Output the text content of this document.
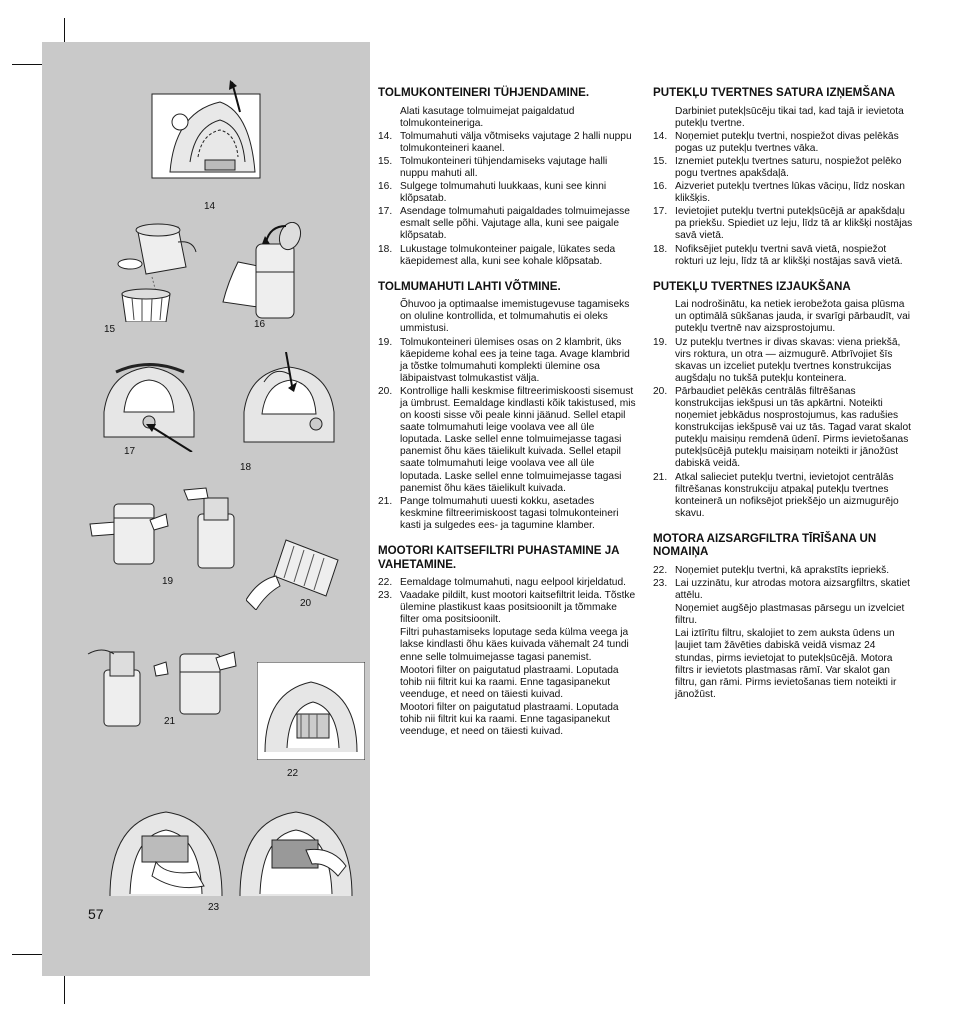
14
15	16
17
18
19
20
21
22
23
57
TOLMUKONTEINERI TÜHJENDAMINE.
Alati kasutage tolmuimejat paigaldatud tolmukonteineriga.
14. Tolmumahuti välja võtmiseks vajutage 2 halli nuppu tolmukonteineri kaanel.
15. Tolmukonteineri tühjendamiseks vajutage halli nuppu mahuti all.
16. Sulgege tolmumahuti luukkaas, kuni see kinni klõpsatab.
17. Asendage tolmumahuti paigaldades tolmuimejasse esmalt selle põhi. Vajutage alla, kuni see paigale klõpsatab.
18. Lukustage tolmukonteiner paigale, lükates seda käepidemest alla, kuni see kohale klõpsatab.
TOLMUMAHUTI LAHTI VÕTMINE.
Õhuvoo ja optimaalse imemistugevuse tagamiseks on oluline kontrollida, et tolmumahutis ei oleks ummistusi.
19. Tolmukonteineri ülemises osas on 2 klambrit, üks käepideme kohal ees ja teine taga. Avage klambrid ja tõstke tolmumahuti komplekti ülemine osa läbipaistvast tolmukastist välja.
20. Kontrollige halli keskmise filtreerimiskoosti sisemust ja ümbrust. Eemaldage kindlasti kõik takistused, mis on koosti sisse või peale kinni jäänud. Sellel etapil saate tolmumahuti leige voolava vee all üle loputada. Laske sellel enne tolmuimejasse tagasi panemist õhu käes täielikult kuivada. Sellel etapil saate tolmumahuti leige voolava vee all üle loputada. Laske sellel enne tolmuimejasse tagasi panemist õhu käes täielikult kuivada.
21. Pange tolmumahuti uuesti kokku, asetades keskmine filtreerimiskoost tagasi tolmukonteineri kasti ja sulgedes ees- ja tagumine klamber.
MOOTORI KAITSEFILTRI PUHASTAMINE JA VAHETAMINE.
22. Eemaldage tolmumahuti, nagu eelpool kirjeldatud.
23. Vaadake pildilt, kust mootori kaitsefiltrit leida. Tõstke ülemine plastikust kaas positsioonilt ja tõmmake filter oma positsioonilt.
Filtri puhastamiseks loputage seda külma veega ja lakse kindlasti õhu käes kuivada vähemalt 24 tundi enne selle tolmuimejasse tagasi panemist.
Mootori filter on paigutatud plastraami. Loputada tohib nii filtrit kui ka raami. Enne tagasipanekut veenduge, et need on täiesti kuivad.
Mootori filter on paigutatud plastraami. Loputada tohib nii filtrit kui ka raami. Enne tagasipanekut veenduge, et need on täiesti kuivad.
PUTEKĻU TVERTNES SATURA IZŅEMŠANA
Darbiniet putekļsūcēju tikai tad, kad tajā ir ievietota putekļu tvertne.
14. Noņemiet putekļu tvertni, nospiežot divas pelēkās pogas uz putekļu tvertnes vāka.
15. Iznemiet putekļu tvertnes saturu, nospiežot pelēko pogu tvertnes apakšdaļā.
16. Aizveriet putekļu tvertnes lūkas vāciņu, līdz noskan klikšķis.
17. Ievietojiet putekļu tvertni putekļsūcējā ar apakšdaļu pa priekšu. Spiediet uz leju, līdz tā ar klikšķi nostājas savā vietā.
18. Nofiksējiet putekļu tvertni savā vietā, nospiežot rokturi uz leju, līdz tā ar klikšķi nostājas savā vietā.
PUTEKĻU TVERTNES IZJAUKŠANA
Lai nodrošinātu, ka netiek ierobežota gaisa plūsma un optimālā sūkšanas jauda, ir svarīgi pārbaudīt, vai putekļu tvertnē nav aizsprostojumu.
19. Uz putekļu tvertnes ir divas skavas: viena priekšā, virs roktura, un otra — aizmugurē. Atbrīvojiet šīs skavas un izceliet putekļu tvertnes konstrukcijas augšdaļu no tukšā putekļu konteinera.
20. Pārbaudiet pelēkās centrālās filtrēšanas konstrukcijas iekšpusi un tās apkārtni. Noteikti noņemiet jebkādus nosprostojumus, kas radušies konstrukcijas iekšpusē vai uz tās. Tagad varat skalot putekļu maisiņu remdenā ūdenī. Pirms ievietošanas putekļsūcējā putekļu maisiņam noteikti ir jānožūst dabiskā veidā.
21. Atkal salieciet putekļu tvertni, ievietojot centrālās filtrēšanas konstrukciju atpakaļ putekļu tvertnes konteinerā un nofiksējot priekšējo un aizmugurējo skavu.
MOTORA AIZSARGFILTRA TĪRĪŠANA UN NOMAIŅA
22. Noņemiet putekļu tvertni, kā aprakstīts iepriekš.
23. Lai uzzinātu, kur atrodas motora aizsargfiltrs, skatiet attēlu.
Noņemiet augšējo plastmasas pārsegu un izvelciet filtru.
Lai iztīrītu filtru, skalojiet to zem auksta ūdens un ļaujiet tam žāvēties dabiskā veidā vismaz 24 stundas, pirms ievietojat to putekļsūcējā. Motora filtrs ir ievietots plastmasas rāmī. Var skalot gan filtru, gan rāmi. Pirms ievietošanas tiem noteikti ir jānožūst.
